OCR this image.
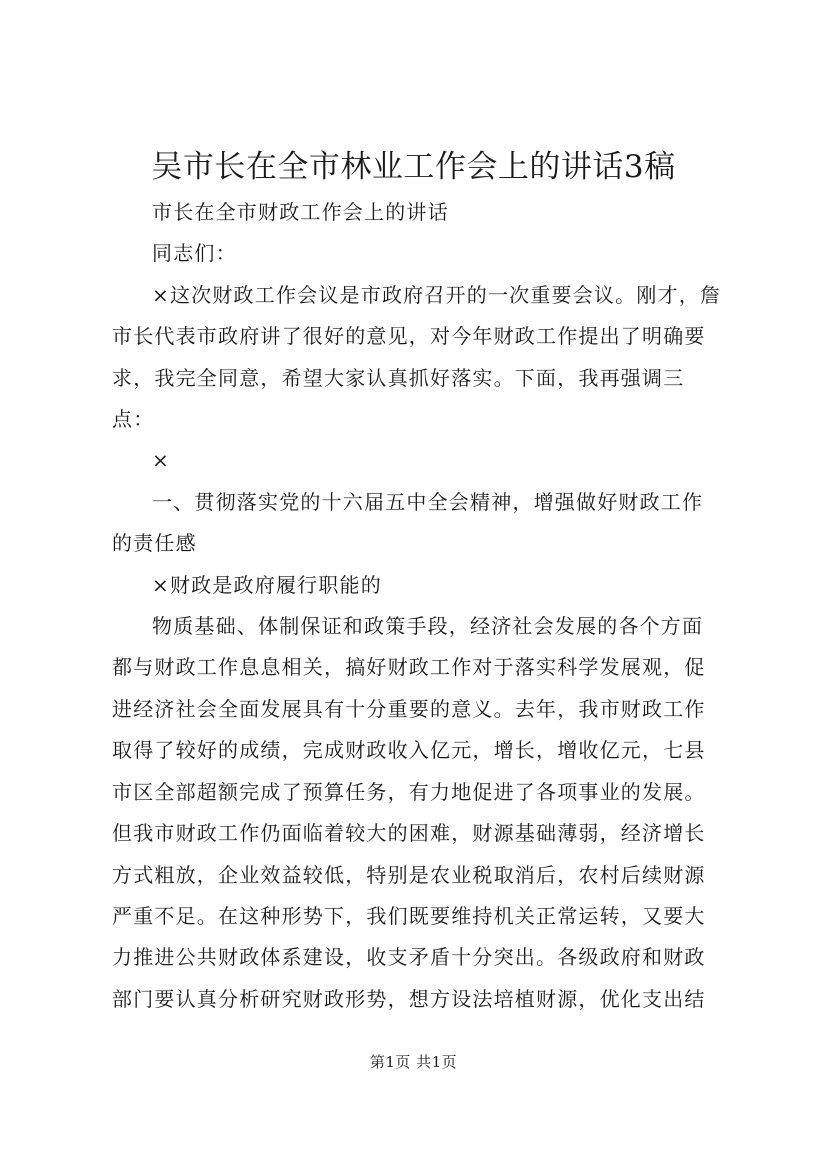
吴市长在全市林业工作会上的讲话3稿

市长在全市财政工作会上的讲话

同志们：

×这次财政工作会议是市政府召开的一次重要会议。刚才，詹市长代表市政府讲了很好的意见，对今年财政工作提出了明确要求，我完全同意，希望大家认真抓好落实。下面，我再强调三点：

×

一、贯彻落实党的十六届五中全会精神，增强做好财政工作的责任感

×财政是政府履行职能的

物质基础、体制保证和政策手段，经济社会发展的各个方面都与财政工作息息相关，搞好财政工作对于落实科学发展观，促进经济社会全面发展具有十分重要的意义。去年，我市财政工作取得了较好的成绩，完成财政收入亿元，增长，增收亿元，七县市区全部超额完成了预算任务，有力地促进了各项事业的发展。但我市财政工作仍面临着较大的困难，财源基础薄弱，经济增长方式粗放，企业效益较低，特别是农业税取消后，农村后续财源严重不足。在这种形势下，我们既要维持机关正常运转，又要大力推进公共财政体系建设，收支矛盾十分突出。各级政府和财政部门要认真分析研究财政形势，想方设法培植财源，优化支出结

第1页 共1页
